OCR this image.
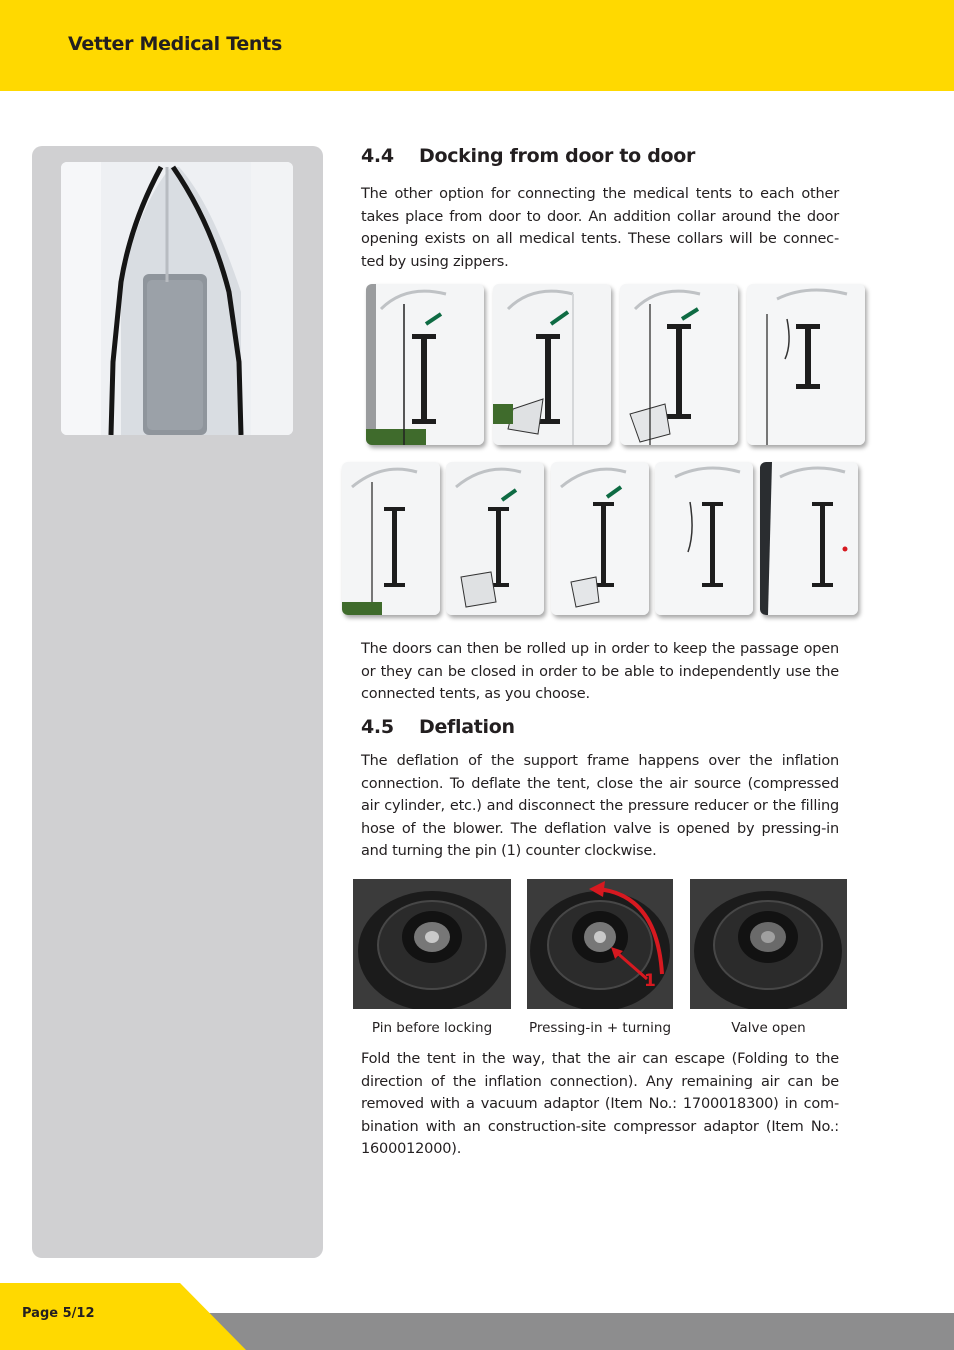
Vetter Medical Tents
4.4 Docking from door to door

The other option for connecting the medical tents to each other takes place from door to door. An addition collar around the door opening exists on all medical tents. These collars will be connec-ted by using zippers.

The doors can then be rolled up in order to keep the passage open or they can be closed in order to be able to independently use the connected tents, as you choose.

4.5 Deflation

The deflation of the support frame happens over the inflation connection. To deflate the tent, close the air source (compressed air cylinder, etc.) and disconnect the pressure reducer or the filling hose of the blower. The deflation valve is opened by pressing-in and turning the pin (1) counter clockwise.

1
Pin before locking	Pressing-in + turning	Valve open

Fold the tent in the way, that the air can escape (Folding to the direction of the inflation connection). Any remaining air can be removed with a vacuum adaptor (Item No.: 1700018300) in com-bination with an construction-site compressor adaptor (Item No.: 1600012000).

Page 5/12
